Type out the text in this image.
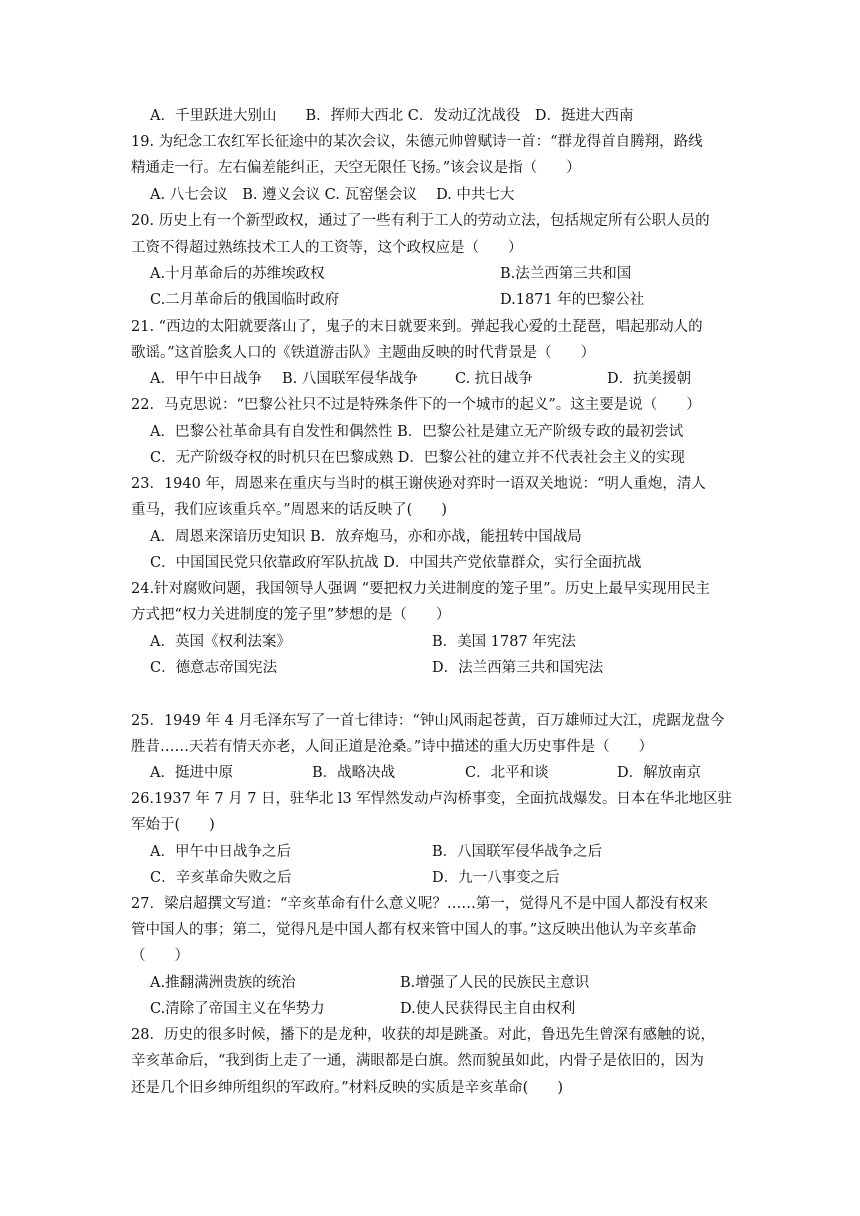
A．千里跃进大别山　　B．挥师大西北 C．发动辽沈战役　D．挺进大西南
19. 为纪念工农红军长征途中的某次会议，朱德元帅曾赋诗一首：“群龙得首自腾翔，路线
精通走一行。左右偏差能纠正，天空无限任飞扬。”该会议是指（　　）
A. 八七会议　B. 遵义会议 C. 瓦窑堡会议　 D. 中共七大
20. 历史上有一个新型政权，通过了一些有利于工人的劳动立法，包括规定所有公职人员的
工资不得超过熟练技术工人的工资等，这个政权应是（　　）
A.十月革命后的苏维埃政权	B.法兰西第三共和国
C.二月革命后的俄国临时政府	D.1871 年的巴黎公社
21. “西边的太阳就要落山了，鬼子的末日就要来到。弹起我心爱的土琵琶，唱起那动人的
歌谣。”这首脍炙人口的《铁道游击队》主题曲反映的时代背景是（　　）
A．甲午中日战争 B. 八国联军侵华战争	C. 抗日战争	D．抗美援朝
22．马克思说：“巴黎公社只不过是特殊条件下的一个城市的起义”。这主要是说（　　）
A．巴黎公社革命具有自发性和偶然性 B．巴黎公社是建立无产阶级专政的最初尝试
C．无产阶级夺权的时机只在巴黎成熟 D．巴黎公社的建立并不代表社会主义的实现
23．1940 年，周恩来在重庆与当时的棋王谢侠逊对弈时一语双关地说：“明人重炮，清人
重马，我们应该重兵卒。”周恩来的话反映了(　　)
A．周恩来深谙历史知识 B．放弃炮马，亦和亦战，能扭转中国战局
C．中国国民党只依靠政府军队抗战 D．中国共产党依靠群众，实行全面抗战
24.针对腐败问题，我国领导人强调 “要把权力关进制度的笼子里”。历史上最早实现用民主
方式把“权力关进制度的笼子里”梦想的是（　　）
A．英国《权利法案》	B．美国 1787 年宪法
C．德意志帝国宪法	D．法兰西第三共和国宪法
25．1949 年 4 月毛泽东写了一首七律诗：“钟山风雨起苍黄，百万雄师过大江，虎踞龙盘今
胜昔……天若有情天亦老，人间正道是沧桑。”诗中描述的重大历史事件是（　　）
A．挺进中原	B．战略决战	C．北平和谈	D．解放南京
26.1937 年 7 月 7 日，驻华北 l3 军悍然发动卢沟桥事变，全面抗战爆发。日本在华北地区驻
军始于(　　)
A．甲午中日战争之后	B．八国联军侵华战争之后
C．辛亥革命失败之后	D．九一八事变之后
27．梁启超撰文写道：“辛亥革命有什么意义呢？……第一，觉得凡不是中国人都没有权来
管中国人的事；第二，觉得凡是中国人都有权来管中国人的事。”这反映出他认为辛亥革命
（　　）
A.推翻满洲贵族的统治	B.增强了人民的民族民主意识
C.清除了帝国主义在华势力	D.使人民获得民主自由权利
28．历史的很多时候，播下的是龙种，收获的却是跳蚤。对此，鲁迅先生曾深有感触的说，
辛亥革命后，“我到街上走了一通，满眼都是白旗。然而貌虽如此，内骨子是依旧的，因为
还是几个旧乡绅所组织的军政府。”材料反映的实质是辛亥革命(　　)
